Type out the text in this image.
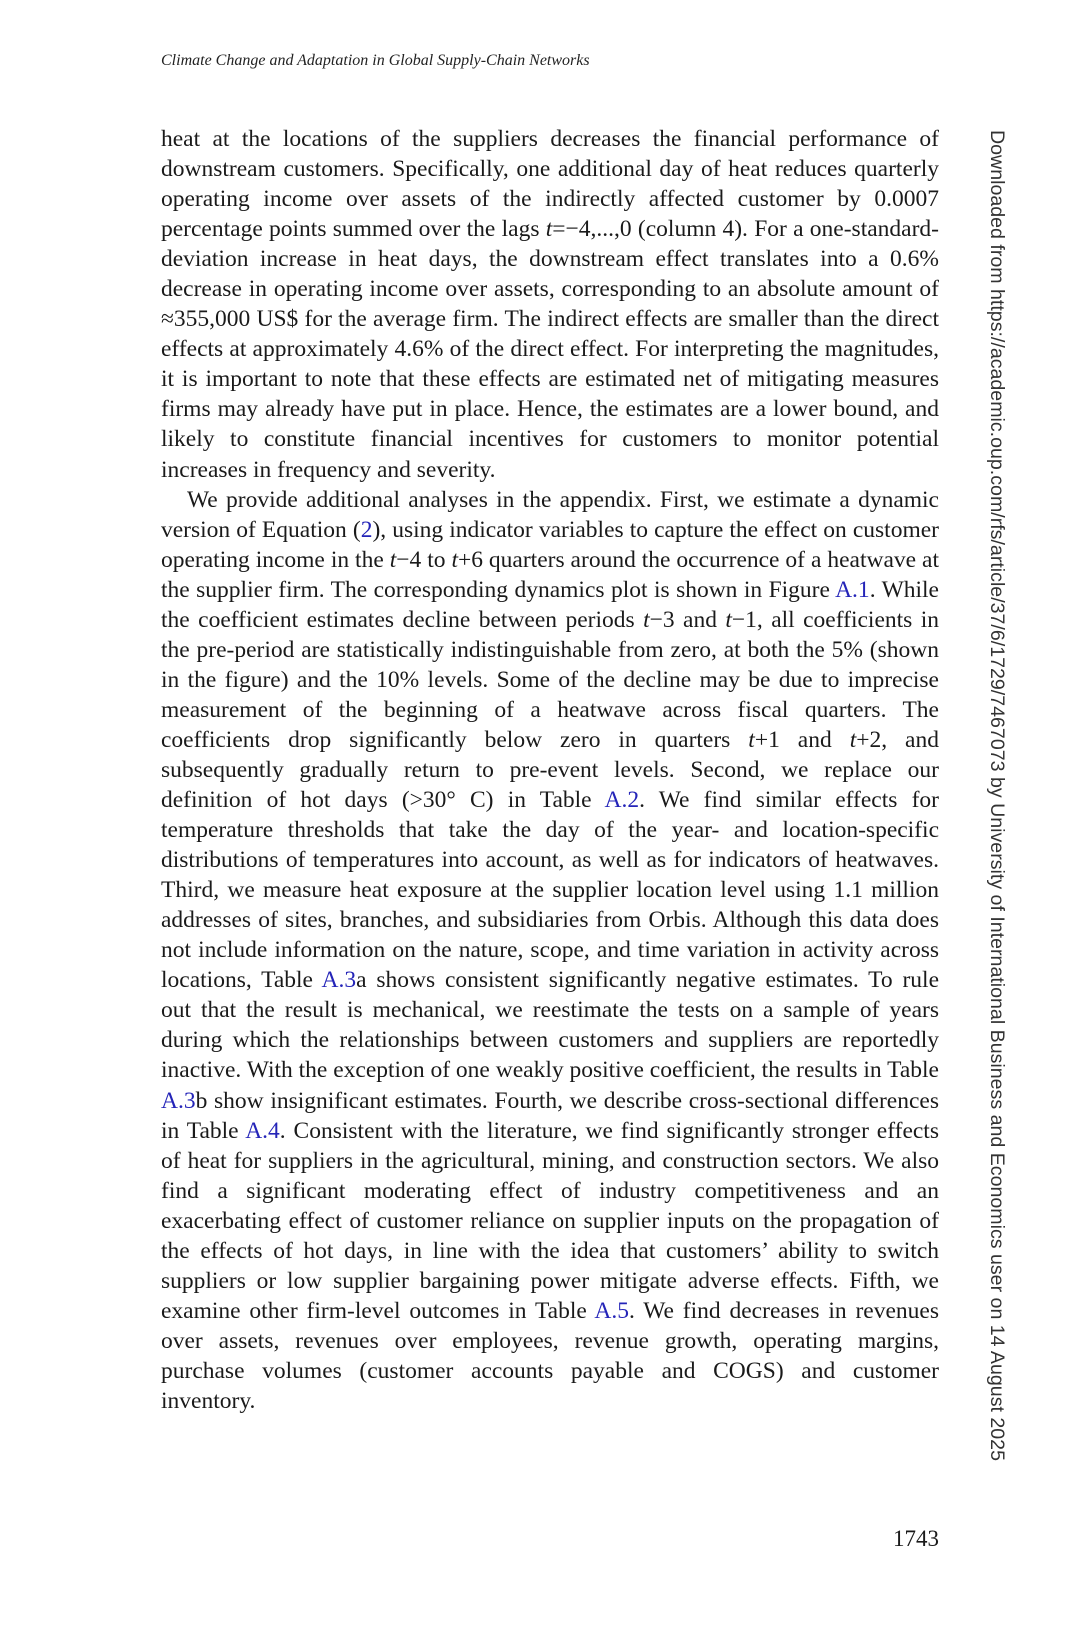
Climate Change and Adaptation in Global Supply-Chain Networks

heat at the locations of the suppliers decreases the financial performance of downstream customers. Specifically, one additional day of heat reduces quarterly operating income over assets of the indirectly affected customer by 0.0007 percentage points summed over the lags t=−4,...,0 (column 4). For a one-standard-deviation increase in heat days, the downstream effect translates into a 0.6% decrease in operating income over assets, corresponding to an absolute amount of ≈355,000 US$ for the average firm. The indirect effects are smaller than the direct effects at approximately 4.6% of the direct effect. For interpreting the magnitudes, it is important to note that these effects are estimated net of mitigating measures firms may already have put in place. Hence, the estimates are a lower bound, and likely to constitute financial incentives for customers to monitor potential increases in frequency and severity.

We provide additional analyses in the appendix. First, we estimate a dynamic version of Equation (2), using indicator variables to capture the effect on customer operating income in the t−4 to t+6 quarters around the occurrence of a heatwave at the supplier firm. The corresponding dynamics plot is shown in Figure A.1. While the coefficient estimates decline between periods t−3 and t−1, all coefficients in the pre-period are statistically indistinguishable from zero, at both the 5% (shown in the figure) and the 10% levels. Some of the decline may be due to imprecise measurement of the beginning of a heatwave across fiscal quarters. The coefficients drop significantly below zero in quarters t+1 and t+2, and subsequently gradually return to pre-event levels. Second, we replace our definition of hot days (>30° C) in Table A.2. We find similar effects for temperature thresholds that take the day of the year- and location-specific distributions of temperatures into account, as well as for indicators of heatwaves. Third, we measure heat exposure at the supplier location level using 1.1 million addresses of sites, branches, and subsidiaries from Orbis. Although this data does not include information on the nature, scope, and time variation in activity across locations, Table A.3a shows consistent significantly negative estimates. To rule out that the result is mechanical, we reestimate the tests on a sample of years during which the relationships between customers and suppliers are reportedly inactive. With the exception of one weakly positive coefficient, the results in Table A.3b show insignificant estimates. Fourth, we describe cross-sectional differences in Table A.4. Consistent with the literature, we find significantly stronger effects of heat for suppliers in the agricultural, mining, and construction sectors. We also find a significant moderating effect of industry competitiveness and an exacerbating effect of customer reliance on supplier inputs on the propagation of the effects of hot days, in line with the idea that customers’ ability to switch suppliers or low supplier bargaining power mitigate adverse effects. Fifth, we examine other firm-level outcomes in Table A.5. We find decreases in revenues over assets, revenues over employees, revenue growth, operating margins, purchase volumes (customer accounts payable and COGS) and customer inventory.

1743
Downloaded from https://academic.oup.com/rfs/article/37/6/1729/7467073 by University of International Business and Economics user on 14 August 2025
